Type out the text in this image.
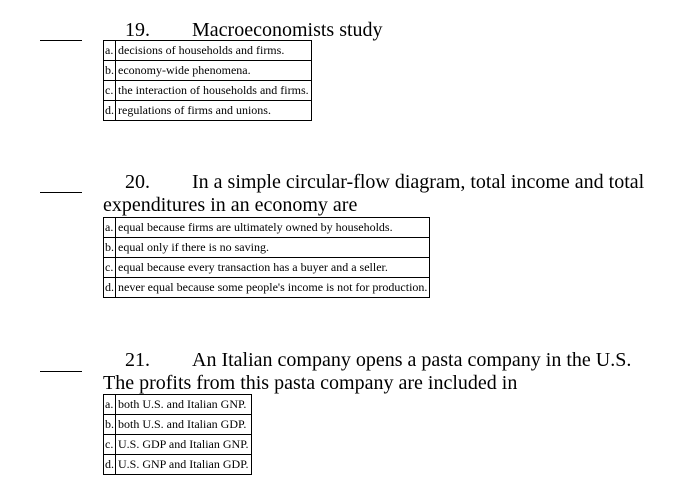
19. Macroeconomists study
a.	decisions of households and firms.
b.	economy-wide phenomena.
c.	the interaction of households and firms.
d.	regulations of firms and unions.
20. In a simple circular-flow diagram, total income and total
expenditures in an economy are
a.	equal because firms are ultimately owned by households.
b.	equal only if there is no saving.
c.	equal because every transaction has a buyer and a seller.
d.	never equal because some people's income is not for production.
21. An Italian company opens a pasta company in the U.S.
The profits from this pasta company are included in
a.	both U.S. and Italian GNP.
b.	both U.S. and Italian GDP.
c.	U.S. GDP and Italian GNP.
d.	U.S. GNP and Italian GDP.
